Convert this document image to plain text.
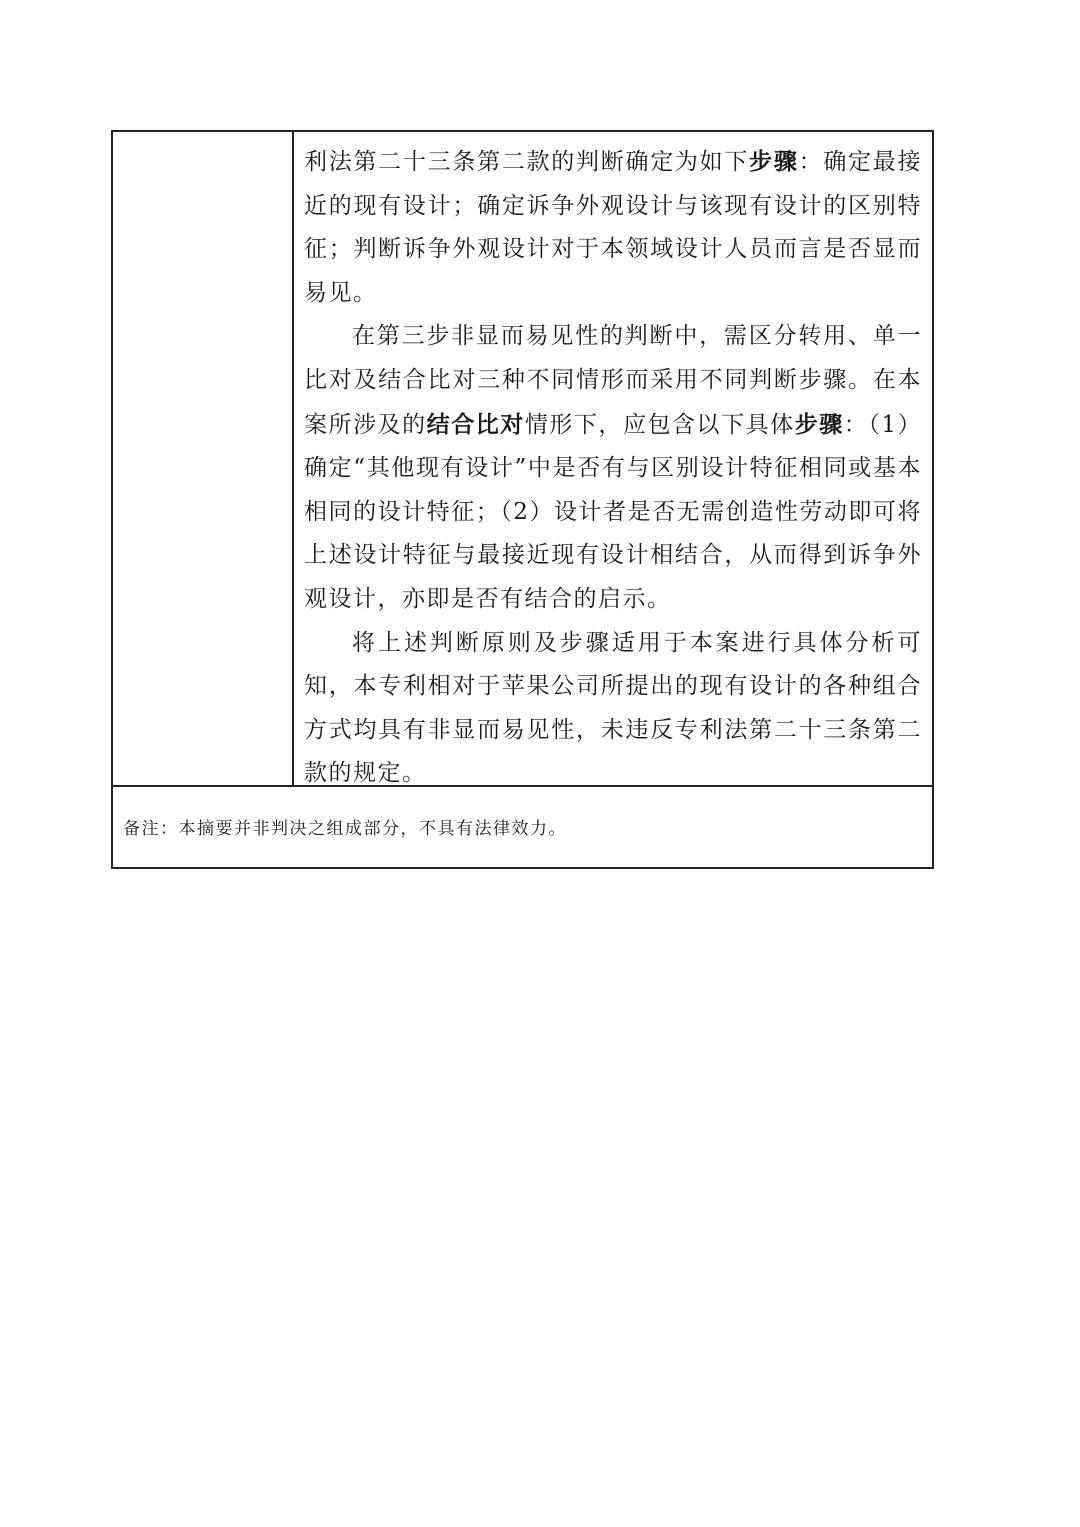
利法第二十三条第二款的判断确定为如下步骤：确定最接近的现有设计；确定诉争外观设计与该现有设计的区别特征；判断诉争外观设计对于本领域设计人员而言是否显而易见。

在第三步非显而易见性的判断中，需区分转用、单一比对及结合比对三种不同情形而采用不同判断步骤。在本案所涉及的结合比对情形下，应包含以下具体步骤：（1）确定“其他现有设计”中是否有与区别设计特征相同或基本相同的设计特征；（2）设计者是否无需创造性劳动即可将上述设计特征与最接近现有设计相结合，从而得到诉争外观设计，亦即是否有结合的启示。

将上述判断原则及步骤适用于本案进行具体分析可知，本专利相对于苹果公司所提出的现有设计的各种组合方式均具有非显而易见性，未违反专利法第二十三条第二款的规定。

备注：本摘要并非判决之组成部分，不具有法律效力。
